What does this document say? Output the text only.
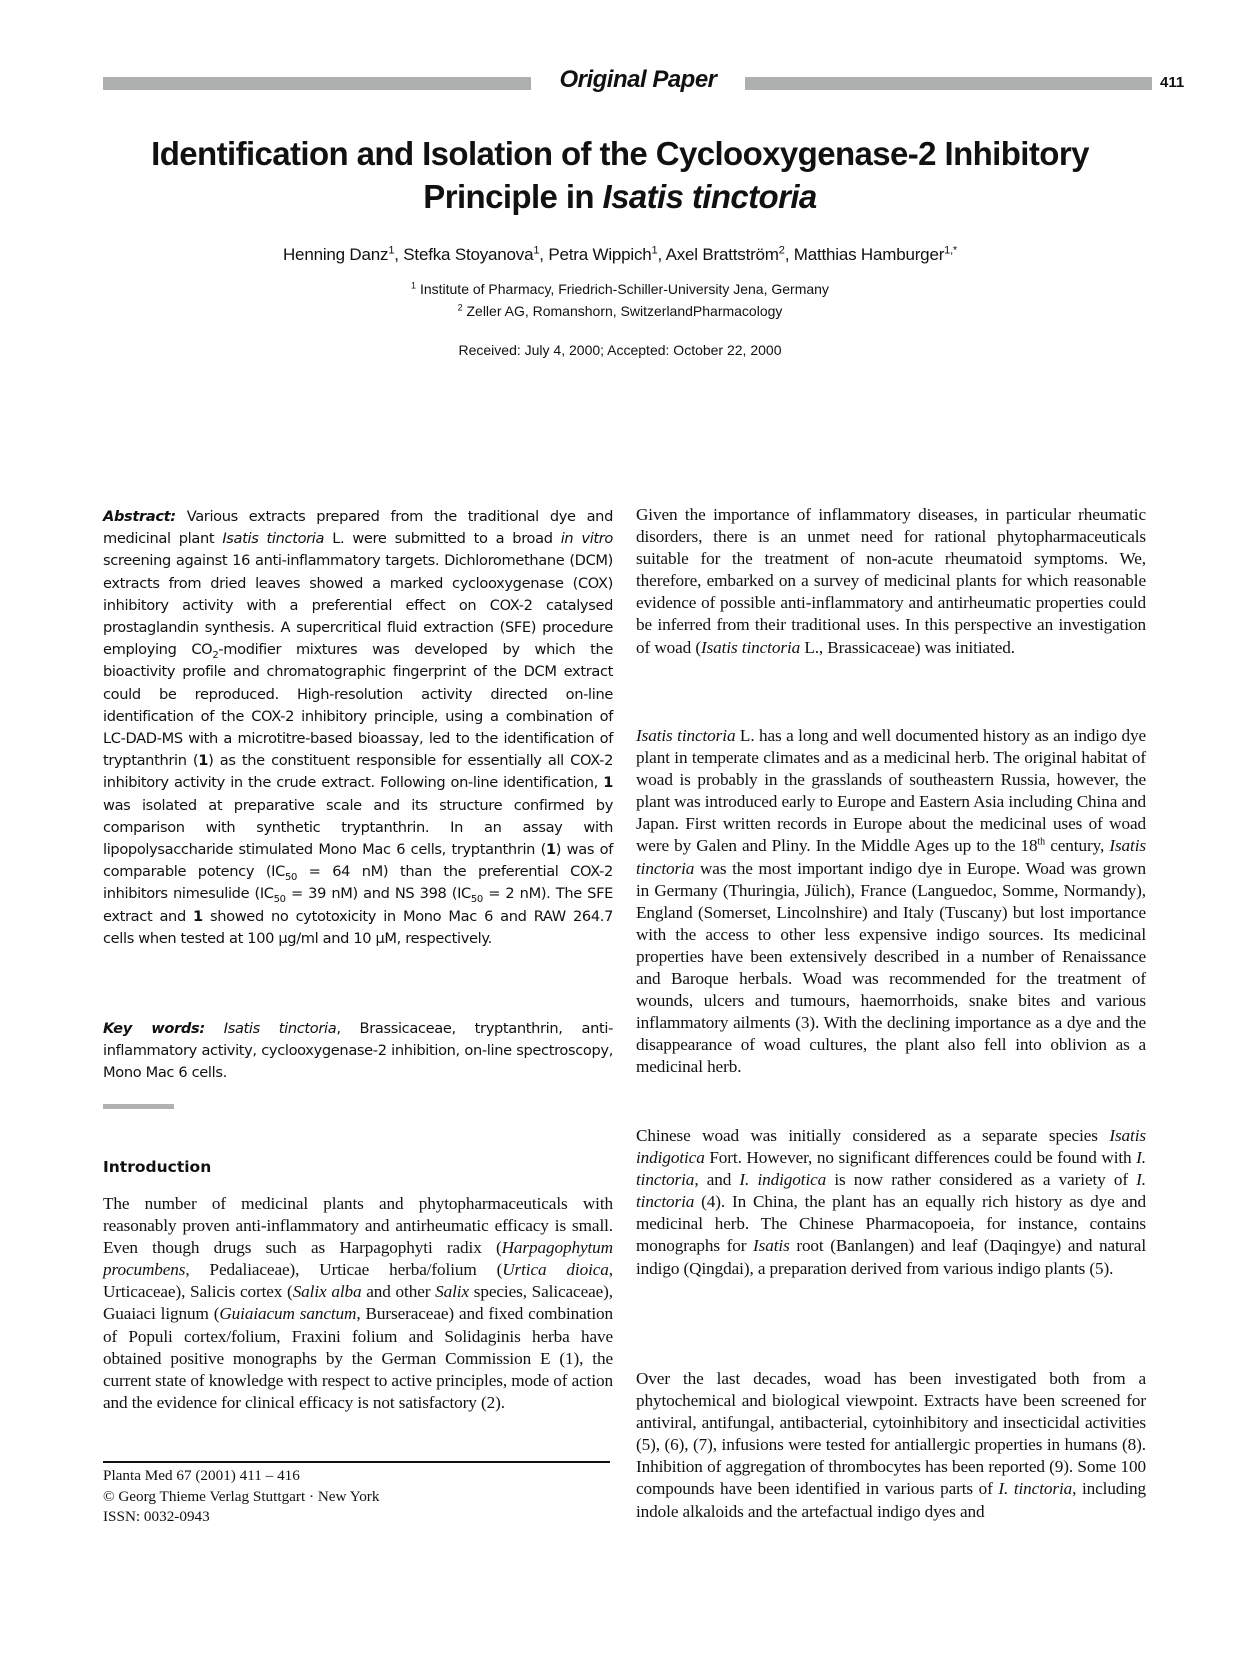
Original Paper	411
Identification and Isolation of the Cyclooxygenase-2 Inhibitory
Principle in Isatis tinctoria
Henning Danz$^1$, Stefka Stoyanova$^1$, Petra Wippich$^1$, Axel Brattström$^2$, Matthias Hamburger$^{1,*}$
$^1$ Institute of Pharmacy, Friedrich-Schiller-University Jena, Germany
$^2$ Zeller AG, Romanshorn, SwitzerlandPharmacology
Received: July 4, 2000; Accepted: October 22, 2000
Abstract: Various extracts prepared from the traditional dye and medicinal plant Isatis tinctoria L. were submitted to a broad in vitro screening against 16 anti-inflammatory targets. Dichloromethane (DCM) extracts from dried leaves showed a marked cyclooxygenase (COX) inhibitory activity with a preferential effect on COX-2 catalysed prostaglandin synthesis. A supercritical fluid extraction (SFE) procedure employing $CO_2$-modifier mixtures was developed by which the bioactivity profile and chromatographic fingerprint of the DCM extract could be reproduced. High-resolution activity directed on-line identification of the COX-2 inhibitory principle, using a combination of LC-DAD-MS with a microtitre-based bioassay, led to the identification of tryptanthrin (1) as the constituent responsible for essentially all COX-2 inhibitory activity in the crude extract. Following on-line identification, 1 was isolated at preparative scale and its structure confirmed by comparison with synthetic tryptanthrin. In an assay with lipopolysaccharide stimulated Mono Mac 6 cells, tryptanthrin (1) was of comparable potency ($IC_{50} = 64$ nM) than the preferential COX-2 inhibitors nimesulide ($IC_{50} = 39$ nM) and NS 398 ($IC_{50} = 2$ nM). The SFE extract and 1 showed no cytotoxicity in Mono Mac 6 and RAW 264.7 cells when tested at 100 μg/ml and 10 μM, respectively.
Key words: Isatis tinctoria, Brassicaceae, tryptanthrin, anti-inflammatory activity, cyclooxygenase-2 inhibition, on-line spectroscopy, Mono Mac 6 cells.
Introduction
The number of medicinal plants and phytopharmaceuticals with reasonably proven anti-inflammatory and antirheumatic efficacy is small. Even though drugs such as Harpagophyti radix (Harpagophytum procumbens, Pedaliaceae), Urticae herba/folium (Urtica dioica, Urticaceae), Salicis cortex (Salix alba and other Salix species, Salicaceae), Guaiaci lignum (Guiaiacum sanctum, Burseraceae) and fixed combination of Populi cortex/folium, Fraxini folium and Solidaginis herba have obtained positive monographs by the German Commission E (1), the current state of knowledge with respect to active principles, mode of action and the evidence for clinical efficacy is not satisfactory (2).
Planta Med 67 (2001) 411 – 416
© Georg Thieme Verlag Stuttgart · New York
ISSN: 0032-0943
Given the importance of inflammatory diseases, in particular rheumatic disorders, there is an unmet need for rational phytopharmaceuticals suitable for the treatment of non-acute rheumatoid symptoms. We, therefore, embarked on a survey of medicinal plants for which reasonable evidence of possible anti-inflammatory and antirheumatic properties could be inferred from their traditional uses. In this perspective an investigation of woad (Isatis tinctoria L., Brassicaceae) was initiated.
Isatis tinctoria L. has a long and well documented history as an indigo dye plant in temperate climates and as a medicinal herb. The original habitat of woad is probably in the grasslands of southeastern Russia, however, the plant was introduced early to Europe and Eastern Asia including China and Japan. First written records in Europe about the medicinal uses of woad were by Galen and Pliny. In the Middle Ages up to the 18th century, Isatis tinctoria was the most important indigo dye in Europe. Woad was grown in Germany (Thuringia, Jülich), France (Languedoc, Somme, Normandy), England (Somerset, Lincolnshire) and Italy (Tuscany) but lost importance with the access to other less expensive indigo sources. Its medicinal properties have been extensively described in a number of Renaissance and Baroque herbals. Woad was recommended for the treatment of wounds, ulcers and tumours, haemorrhoids, snake bites and various inflammatory ailments (3). With the declining importance as a dye and the disappearance of woad cultures, the plant also fell into oblivion as a medicinal herb.
Chinese woad was initially considered as a separate species Isatis indigotica Fort. However, no significant differences could be found with I. tinctoria, and I. indigotica is now rather considered as a variety of I. tinctoria (4). In China, the plant has an equally rich history as dye and medicinal herb. The Chinese Pharmacopoeia, for instance, contains monographs for Isatis root (Banlangen) and leaf (Daqingye) and natural indigo (Qingdai), a preparation derived from various indigo plants (5).
Over the last decades, woad has been investigated both from a phytochemical and biological viewpoint. Extracts have been screened for antiviral, antifungal, antibacterial, cytoinhibitory and insecticidal activities (5), (6), (7), infusions were tested for antiallergic properties in humans (8). Inhibition of aggregation of thrombocytes has been reported (9). Some 100 compounds have been identified in various parts of I. tinctoria, including indole alkaloids and the artefactual indigo dyes and
